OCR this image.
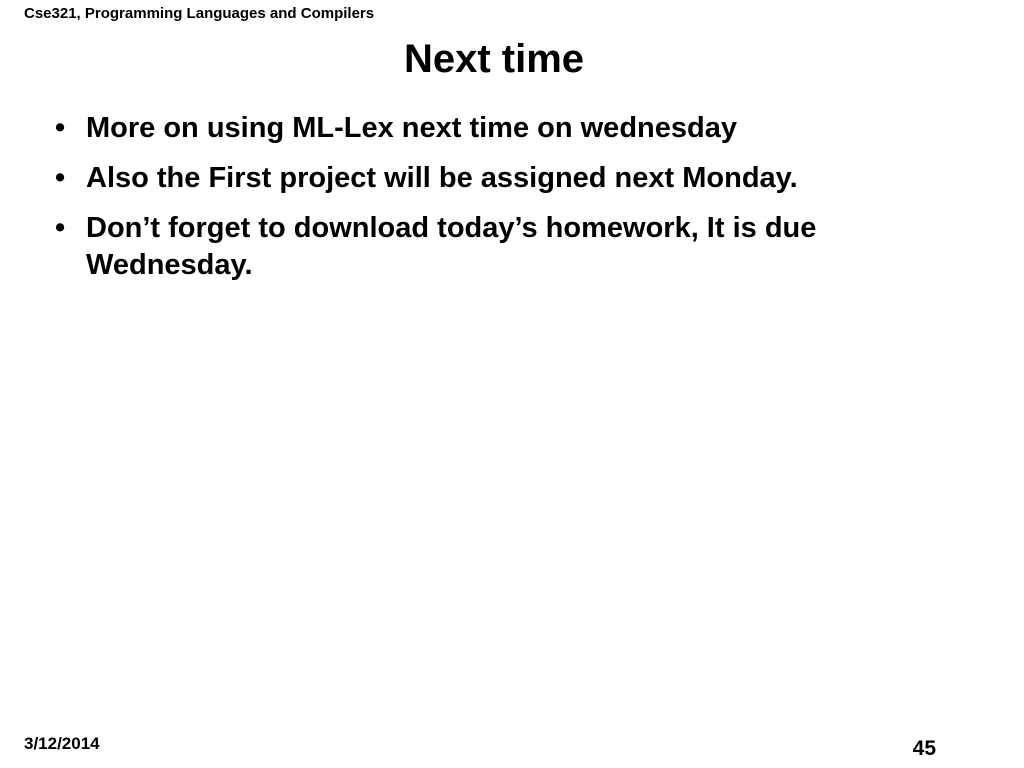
Cse321, Programming Languages and Compilers
Next time
• More on using ML-Lex next time on wednesday
• Also the First project will be assigned next Monday.
• Don’t forget to download today’s homework, It is due Wednesday.
3/12/2014	45
